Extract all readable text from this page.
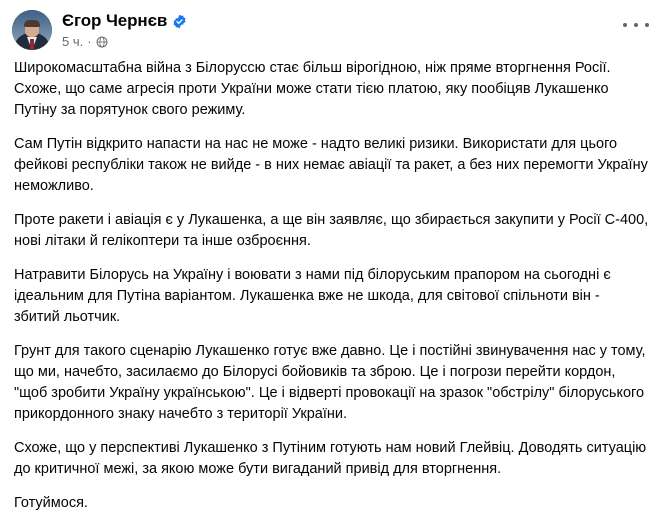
Єгор Чернєв
5 ч. ·

Широкомасштабна війна з Білоруссю стає більш вірогідною, ніж пряме вторгнення Росії. Схоже, що саме агресія проти України може стати тією платою, яку пообіцяв Лукашенко Путіну за порятунок свого режиму.

Сам Путін відкрито напасти на нас не може - надто великі ризики. Використати для цього фейкові республіки також не вийде - в них немає авіації та ракет, а без них перемогти Україну неможливо.

Проте ракети і авіація є у Лукашенка, а ще він заявляє, що збирається закупити у Росії С-400, нові літаки й гелікоптери та інше озброєння.

Натравити Білорусь на Україну і воювати з нами під білоруським прапором на сьогодні є ідеальним для Путіна варіантом. Лукашенка вже не шкода, для світової спільноти він - збитий льотчик.

Грунт для такого сценарію Лукашенко готує вже давно. Це і постійні звинувачення нас у тому, що ми, начебто, засилаємо до Білорусі бойовиків та зброю. Це і погрози перейти кордон, "щоб зробити Україну українською". Це і відверті провокації на зразок "обстрілу" білоруського прикордонного знаку начебто з території України.

Схоже, що у перспективі Лукашенко з Путіним готують нам новий Глейвіц. Доводять ситуацію до критичної межі, за якою може бути вигаданий привід для вторгнення.

Готуймося.
